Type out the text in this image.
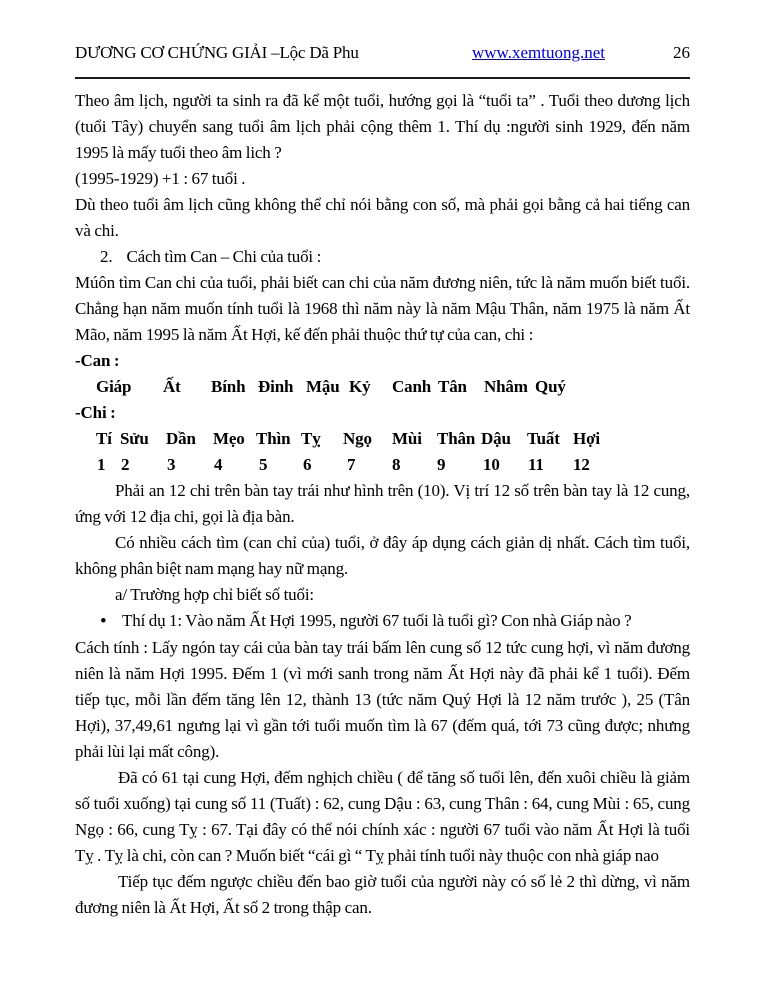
DƯƠNG CƠ CHỨNG GIẢI –Lộc Dã Phu	www.xemtuong.net	26

Theo âm lịch, người ta sinh ra đã kể một tuổi, hướng gọi là “tuổi ta” . Tuổi theo dương lịch (tuổi Tây) chuyển sang tuổi âm lịch phải cộng thêm 1. Thí dụ :người sinh 1929, đến năm 1995 là mấy tuổi theo âm lich ?

(1995-1929) +1 : 67 tuổi .

Dù theo tuổi âm lịch cũng không thể chỉ nói bằng con số, mà phải gọi bằng cả hai tiếng can và chi.

2. Cách tìm Can – Chi của tuổi :

Múôn tìm Can chi của tuổi, phải biết can chi của năm đương niên, tức là năm muốn biết tuổi. Chẳng hạn năm muốn tính tuổi là 1968 thì năm này là năm Mậu Thân, năm 1975 là năm Ất Mão, năm 1995 là năm Ất Hợi, kế đến phải thuộc thứ tự của can, chi :

-Can :

Giáp Ất Bính Đinh Mậu Kỷ Canh Tân Nhâm Quý

-Chi :

Tí Sửu Dần Mẹo Thìn Tỵ Ngọ Mùi Thân Dậu Tuất Hợi
1 2 3 4 5 6 7 8 9 10 11 12

Phải an 12 chi trên bàn tay trái như hình trên (10). Vị trí 12 số trên bàn tay là 12 cung, ứng với 12 địa chi, gọi là địa bàn.

Có nhiều cách tìm (can chỉ của) tuổi, ở đây áp dụng cách giản dị nhất. Cách tìm tuổi, không phân biệt nam mạng hay nữ mạng.

a/ Trường hợp chỉ biết số tuổi:

• Thí dụ 1: Vào năm Ất Hợi 1995, người 67 tuổi là tuổi gì? Con nhà Giáp nào ?

Cách tính : Lấy ngón tay cái của bàn tay trái bấm lên cung số 12 tức cung hợi, vì năm đương niên là năm Hợi 1995. Đếm 1 (vì mới sanh trong năm Ất Hợi này đã phải kể 1 tuổi). Đếm tiếp tục, mỗi lần đếm tăng lên 12, thành 13 (tức năm Quý Hợi là 12 năm trước ), 25 (Tân Hợi), 37,49,61 ngưng lại vì gần tới tuổi muốn tìm là 67 (đếm quá, tới 73 cũng được; nhưng phải lùi lại mất công).

Đã có 61 tại cung Hợi, đếm nghịch chiều ( để tăng số tuổi lên, đến xuôi chiều là giảm số tuổi xuống) tại cung số 11 (Tuất) : 62, cung Dậu : 63, cung Thân : 64, cung Mùi : 65, cung Ngọ : 66, cung Tỵ : 67. Tại đây có thể nói chính xác : người 67 tuổi vào năm Ất Hợi là tuổi Tỵ . Tỵ là chi, còn can ? Muốn biết “cái gì “ Tỵ phải tính tuổi này thuộc con nhà giáp nao

Tiếp tục đếm ngược chiều đến bao giờ tuổi của người này có số lẻ 2 thì dừng, vì năm đương niên là Ất Hợi, Ất số 2 trong thập can.
